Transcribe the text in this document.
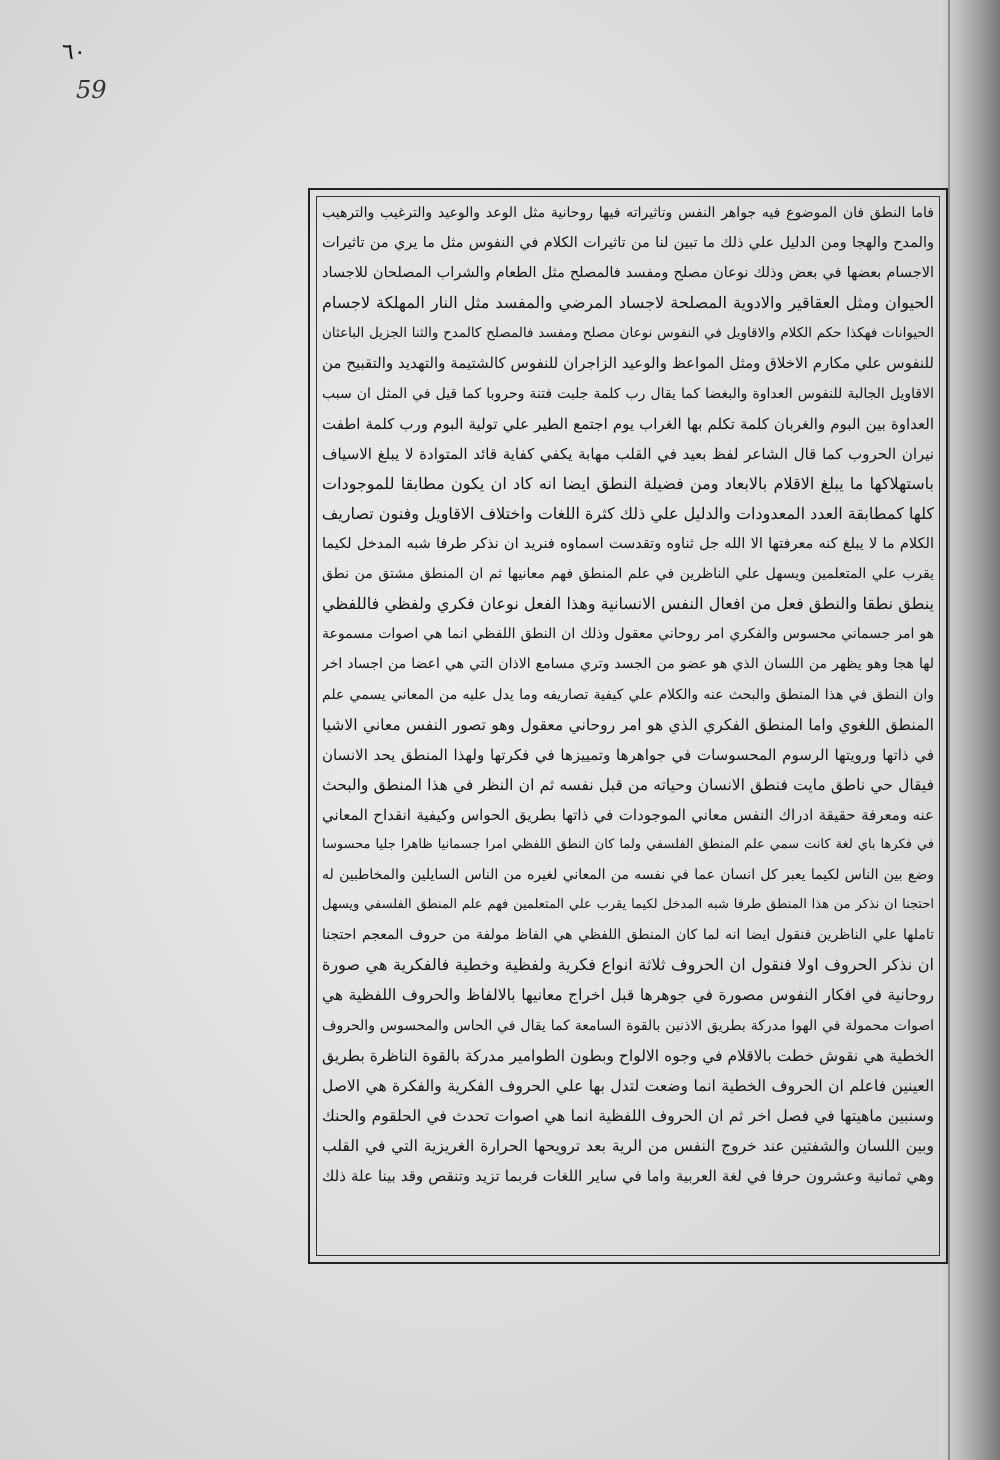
٦٠
59
فاما النطق فان الموضوع فيه جواهر النفس وتاثيراته فيها روحانية مثل الوعد والوعيد والترغيب والترهيب
والمدح والهجا ومن الدليل علي ذلك ما تبين لنا من تاثيرات الكلام في النفوس مثل ما يري من تاثيرات
الاجسام بعضها في بعض وذلك نوعان مصلح ومفسد فالمصلح مثل الطعام والشراب المصلحان للاجساد
الحيوان ومثل العقاقير والادوية المصلحة لاجساد المرضي والمفسد مثل النار المهلكة لاجسام
الحيوانات فهكذا حكم الكلام والاقاويل في النفوس نوعان مصلح ومفسد فالمصلح كالمدح والثنا الجزيل الباعثان
للنفوس علي مكارم الاخلاق ومثل المواعظ والوعيد الزاجران للنفوس كالشتيمة والتهديد والتقبيح من
الاقاويل الجالبة للنفوس العداوة والبغضا كما يقال رب كلمة جلبت فتنة وحروبا كما قيل في المثل ان سبب
العداوة بين البوم والغربان كلمة تكلم بها الغراب يوم اجتمع الطير علي تولية البوم ورب كلمة اطفت
نيران الحروب كما قال الشاعر لفظ بعيد في القلب مهابة يكفي كفاية قائد المتوادة لا يبلغ الاسياف
باستهلاكها ما يبلغ الاقلام بالابعاد ومن فضيلة النطق ايضا انه كاد ان يكون مطابقا للموجودات
كلها كمطابقة العدد المعدودات والدليل علي ذلك كثرة اللغات واختلاف الاقاويل وفنون تصاريف
الكلام ما لا يبلغ كنه معرفتها الا الله جل ثناوه وتقدست اسماوه فنريد ان نذكر طرفا شبه المدخل لكيما
يقرب علي المتعلمين ويسهل علي الناظرين في علم المنطق فهم معانيها ثم ان المنطق مشتق من نطق
ينطق نطقا والنطق فعل من افعال النفس الانسانية وهذا الفعل نوعان فكري ولفظي فاللفظي
هو امر جسماني محسوس والفكري امر روحاني معقول وذلك ان النطق اللفظي انما هي اصوات مسموعة
لها هجا وهو يظهر من اللسان الذي هو عضو من الجسد وتري مسامع الاذان التي هي اعضا من اجساد اخر
وان النطق في هذا المنطق والبحث عنه والكلام علي كيفية تصاريفه وما يدل عليه من المعاني يسمي علم
المنطق اللغوي واما المنطق الفكري الذي هو امر روحاني معقول وهو تصور النفس معاني الاشيا
في ذاتها ورويتها الرسوم المحسوسات في جواهرها وتمييزها في فكرتها ولهذا المنطق يحد الانسان
فيقال حي ناطق مايت فنطق الانسان وحياته من قبل نفسه ثم ان النظر في هذا المنطق والبحث
عنه ومعرفة حقيقة ادراك النفس معاني الموجودات في ذاتها بطريق الحواس وكيفية انقداح المعاني
في فكرها باي لغة كانت سمي علم المنطق الفلسفي ولما كان النطق اللفظي امرا جسمانيا ظاهرا جليا محسوسا
وضع بين الناس لكيما يعبر كل انسان عما في نفسه من المعاني لغيره من الناس السايلين والمخاطبين له
احتجنا ان نذكر من هذا المنطق طرفا شبه المدخل لكيما يقرب علي المتعلمين فهم علم المنطق الفلسفي ويسهل
تاملها علي الناظرين فنقول ايضا انه لما كان المنطق اللفظي هي الفاظ مولفة من حروف المعجم احتجنا
ان نذكر الحروف اولا فنقول ان الحروف ثلاثة انواع فكرية ولفظية وخطية فالفكرية هي صورة
روحانية في افكار النفوس مصورة في جوهرها قبل اخراج معانيها بالالفاظ والحروف اللفظية هي
اصوات محمولة في الهوا مدركة بطريق الاذنين بالقوة السامعة كما يقال في الحاس والمحسوس والحروف
الخطية هي نقوش خطت بالاقلام في وجوه الالواح وبطون الطوامير مدركة بالقوة الناظرة بطريق
العينين فاعلم ان الحروف الخطية انما وضعت لتدل بها علي الحروف الفكرية والفكرة هي الاصل
وسنبين ماهيتها في فصل اخر ثم ان الحروف اللفظية انما هي اصوات تحدث في الحلقوم والحنك
وبين اللسان والشفتين عند خروج النفس من الرية بعد ترويحها الحرارة الغريزية التي في القلب
وهي ثمانية وعشرون حرفا في لغة العربية واما في ساير اللغات فربما تزيد وتنقص وقد بينا علة ذلك
